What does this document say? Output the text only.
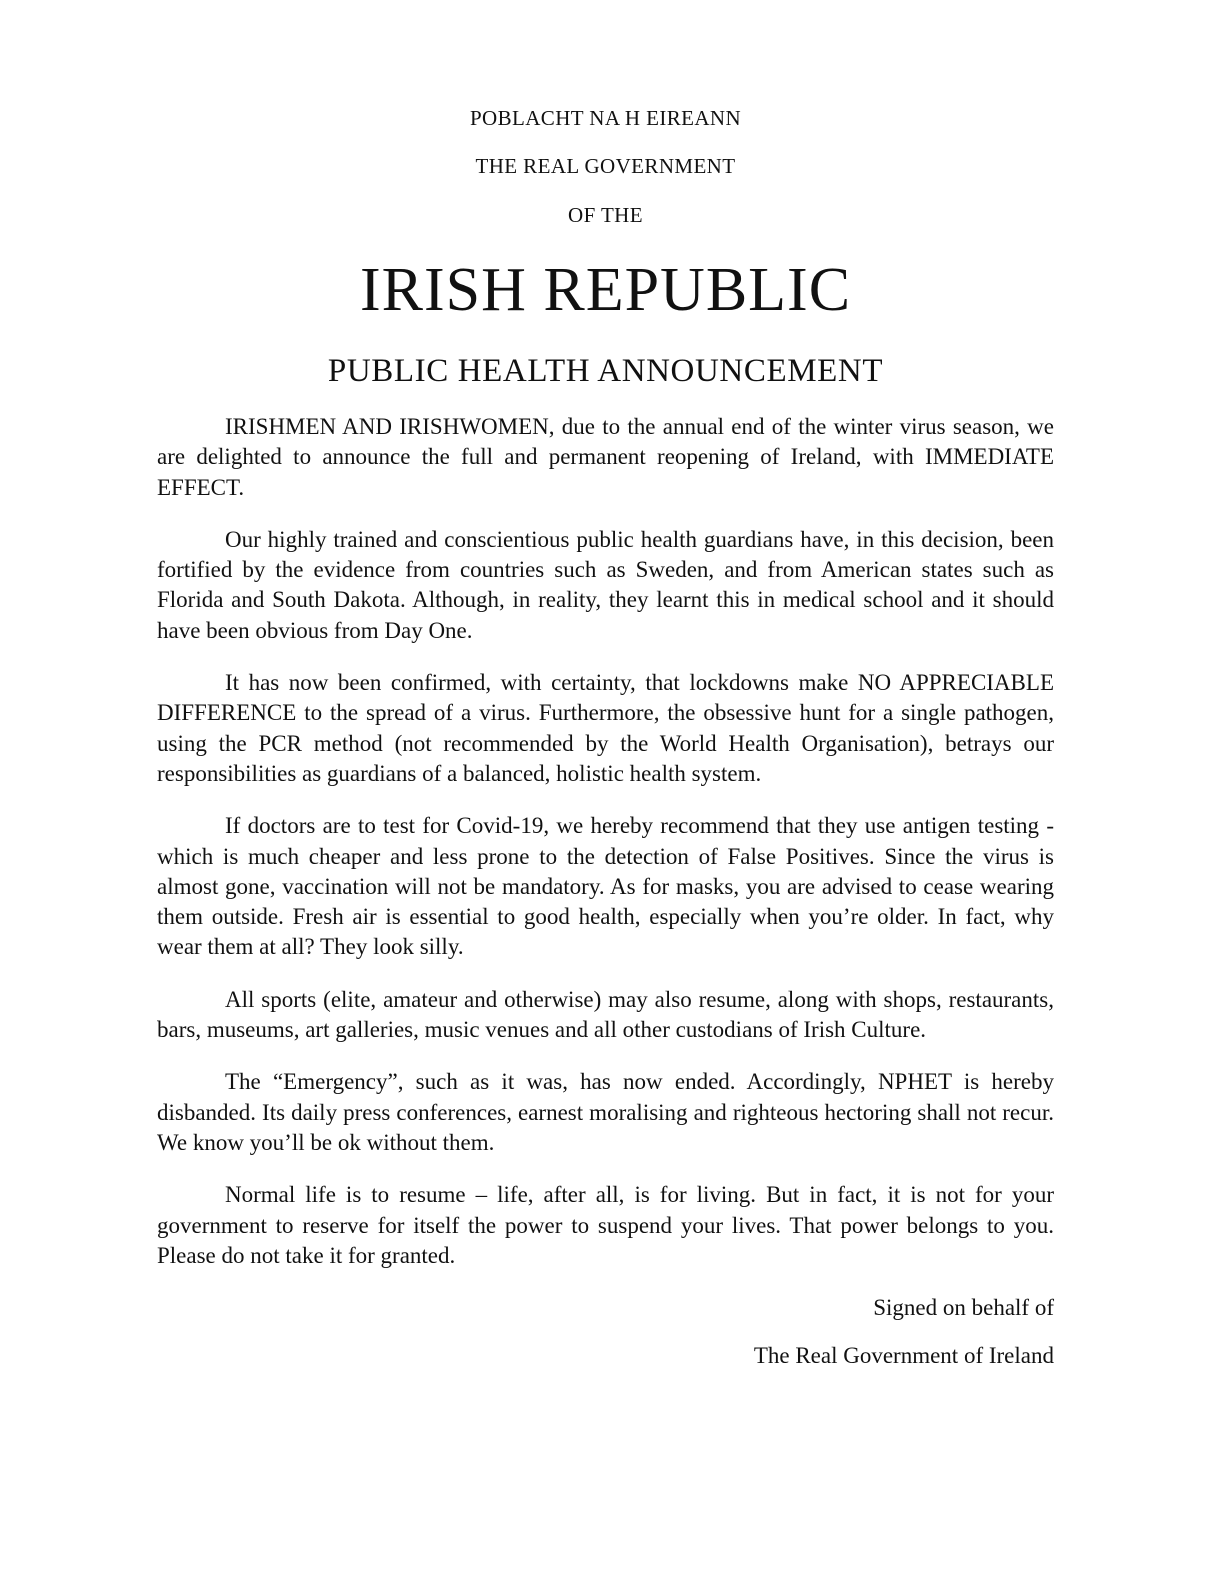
POBLACHT NA H EIREANN

THE REAL GOVERNMENT

OF THE

IRISH REPUBLIC
PUBLIC HEALTH ANNOUNCEMENT

IRISHMEN AND IRISHWOMEN, due to the annual end of the winter virus season, we are delighted to announce the full and permanent reopening of Ireland, with IMMEDIATE EFFECT.

Our highly trained and conscientious public health guardians have, in this decision, been fortified by the evidence from countries such as Sweden, and from American states such as Florida and South Dakota. Although, in reality, they learnt this in medical school and it should have been obvious from Day One.

It has now been confirmed, with certainty, that lockdowns make NO APPRECIABLE DIFFERENCE to the spread of a virus. Furthermore, the obsessive hunt for a single pathogen, using the PCR method (not recommended by the World Health Organisation), betrays our responsibilities as guardians of a balanced, holistic health system.

If doctors are to test for Covid-19, we hereby recommend that they use antigen testing - which is much cheaper and less prone to the detection of False Positives. Since the virus is almost gone, vaccination will not be mandatory. As for masks, you are advised to cease wearing them outside. Fresh air is essential to good health, especially when you’re older. In fact, why wear them at all? They look silly.

All sports (elite, amateur and otherwise) may also resume, along with shops, restaurants, bars, museums, art galleries, music venues and all other custodians of Irish Culture.

The “Emergency”, such as it was, has now ended. Accordingly, NPHET is hereby disbanded. Its daily press conferences, earnest moralising and righteous hectoring shall not recur. We know you’ll be ok without them.

Normal life is to resume – life, after all, is for living. But in fact, it is not for your government to reserve for itself the power to suspend your lives. That power belongs to you. Please do not take it for granted.

Signed on behalf of

The Real Government of Ireland
